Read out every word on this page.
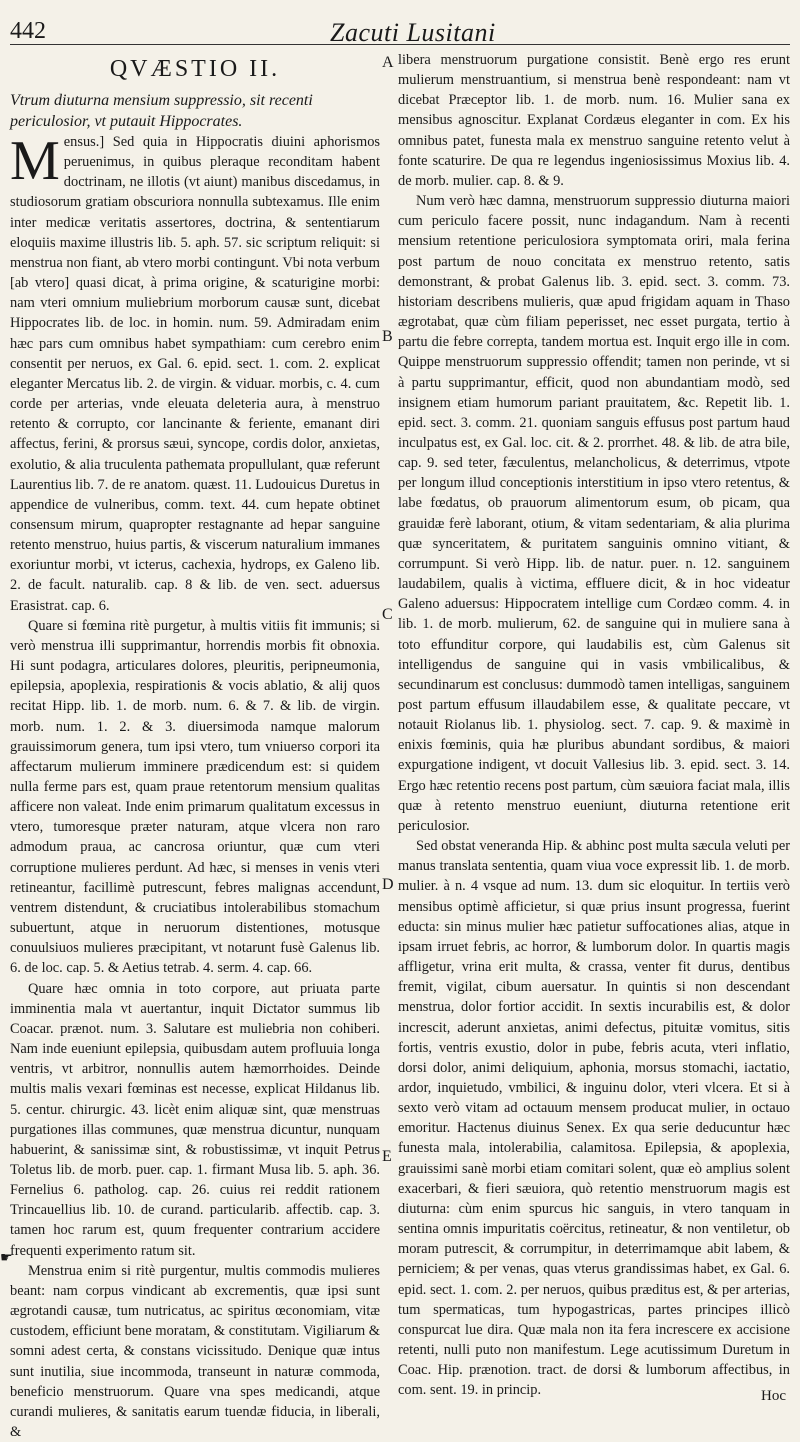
442	Zacuti Lusitani
QVÆSTIO II.

Vtrum diuturna mensium suppressio, sit recenti periculosior, vt putauit Hippocrates.

Mensus.] Sed quia in Hippocratis diuini aphorismos peruenimus, in quibus pleraque reconditam habent doctrinam, ne illotis (vt aiunt) manibus discedamus, in studiosorum gratiam obscuriora nonnulla subtexamus. Ille enim inter medicæ veritatis assertores, doctrina, & sententiarum eloquiis maxime illustris lib. 5. aph. 57. sic scriptum reliquit: si menstrua non fiant, ab vtero morbi contingunt. Vbi nota verbum [ab vtero] quasi dicat, à prima origine, & scaturigine morbi: nam vteri omnium muliebrium morborum causæ sunt, dicebat Hippocrates lib. de loc. in homin. num. 59. Admiradam enim hæc pars cum omnibus habet sympathiam: cum cerebro enim consentit per neruos, ex Gal. 6. epid. sect. 1. com. 2. explicat eleganter Mercatus lib. 2. de virgin. & viduar. morbis, c. 4. cum corde per arterias, vnde eleuata deleteria aura, à menstruo retento & corrupto, cor lancinante & feriente, emanant diri affectus, ferini, & prorsus sæui, syncope, cordis dolor, anxietas, exolutio, & alia truculenta pathemata propullulant, quæ referunt Laurentius lib. 7. de re anatom. quæst. 11. Ludouicus Duretus in appendice de vulneribus, comm. text. 44. cum hepate obtinet consensum mirum, quapropter restagnante ad hepar sanguine retento menstruo, huius partis, & viscerum naturalium immanes exoriuntur morbi, vt icterus, cachexia, hydrops, ex Galeno lib. 2. de facult. naturalib. cap. 8 & lib. de ven. sect. aduersus Erasistrat. cap. 6.

Quare si fœmina ritè purgetur, à multis vitiis fit immunis; si verò menstrua illi supprimantur, horrendis morbis fit obnoxia. Hi sunt podagra, articulares dolores, pleuritis, peripneumonia, epilepsia, apoplexia, respirationis & vocis ablatio, & alij quos recitat Hipp. lib. 1. de morb. num. 6. & 7. & lib. de virgin. morb. num. 1. 2. & 3. diuersimoda namque malorum grauissimorum genera, tum ipsi vtero, tum vniuerso corpori ita affectarum mulierum imminere prædicendum est: si quidem nulla ferme pars est, quam praue retentorum mensium qualitas afficere non valeat. Inde enim primarum qualitatum excessus in vtero, tumoresque præter naturam, atque vlcera non raro admodum praua, ac cancrosa oriuntur, quæ cum vteri corruptione mulieres perdunt. Ad hæc, si menses in venis vteri retineantur, facillimè putrescunt, febres malignas accendunt, ventrem distendunt, & cruciatibus intolerabilibus stomachum subuertunt, atque in neruorum distentiones, motusque conuulsiuos mulieres præcipitant, vt notarunt fusè Galenus lib. 6. de loc. cap. 5. & Aetius tetrab. 4. serm. 4. cap. 66.

Quare hæc omnia in toto corpore, aut priuata parte imminentia mala vt auertantur, inquit Dictator summus lib Coacar. prænot. num. 3. Salutare est muliebria non cohiberi. Nam inde eueniunt epilepsia, quibusdam autem profluuia longa ventris, vt arbitror, nonnullis autem hæmorrhoides. Deinde multis malis vexari fœminas est necesse, explicat Hildanus lib. 5. centur. chirurgic. 43. licèt enim aliquæ sint, quæ menstruas purgationes illas communes, quæ menstrua dicuntur, nunquam habuerint, & sanissimæ sint, & robustissimæ, vt inquit Petrus Toletus lib. de morb. puer. cap. 1. firmant Musa lib. 5. aph. 36. Fernelius 6. patholog. cap. 26. cuius rei reddit rationem Trincauellius lib. 10. de curand. particularib. affectib. cap. 3. tamen hoc rarum est, quum frequenter contrarium accidere frequenti experimento ratum sit.

Menstrua enim si ritè purgentur, multis commodis mulieres beant: nam corpus vindicant ab excrementis, quæ ipsi sunt ægrotandi causæ, tum nutricatus, ac spiritus œconomiam, vitæ custodem, efficiunt bene moratam, & constitutam. Vigiliarum & somni adest certa, & constans vicissitudo. Denique quæ intus sunt inutilia, siue incommoda, transeunt in naturæ commoda, beneficio menstruorum. Quare vna spes medicandi, atque curandi mulieres, & sanitatis earum tuendæ fiducia, in liberali, &

☛
A
B
C
D
E

libera menstruorum purgatione consistit. Benè ergo res erunt mulierum menstruantium, si menstrua benè respondeant: nam vt dicebat Præceptor lib. 1. de morb. num. 16. Mulier sana ex mensibus agnoscitur. Explanat Cordæus eleganter in com. Ex his omnibus patet, funesta mala ex menstruo sanguine retento velut à fonte scaturire. De qua re legendus ingeniosissimus Moxius lib. 4. de morb. mulier. cap. 8. & 9.

Num verò hæc damna, menstruorum suppressio diuturna maiori cum periculo facere possit, nunc indagandum. Nam à recenti mensium retentione periculosiora symptomata oriri, mala ferina post partum de nouo concitata ex menstruo retento, satis demonstrant, & probat Galenus lib. 3. epid. sect. 3. comm. 73. historiam describens mulieris, quæ apud frigidam aquam in Thaso ægrotabat, quæ cùm filiam peperisset, nec esset purgata, tertio à partu die febre correpta, tandem mortua est. Inquit ergo ille in com. Quippe menstruorum suppressio offendit; tamen non perinde, vt si à partu supprimantur, efficit, quod non abundantiam modò, sed insignem etiam humorum pariant prauitatem, &c. Repetit lib. 1. epid. sect. 3. comm. 21. quoniam sanguis effusus post partum haud inculpatus est, ex Gal. loc. cit. & 2. prorrhet. 48. & lib. de atra bile, cap. 9. sed teter, fæculentus, melancholicus, & deterrimus, vtpote per longum illud conceptionis interstitium in ipso vtero retentus, & labe fœdatus, ob prauorum alimentorum esum, ob picam, qua grauidæ ferè laborant, otium, & vitam sedentariam, & alia plurima quæ synceritatem, & puritatem sanguinis omnino vitiant, & corrumpunt. Si verò Hipp. lib. de natur. puer. n. 12. sanguinem laudabilem, qualis à victima, effluere dicit, & in hoc videatur Galeno aduersus: Hippocratem intellige cum Cordæo comm. 4. in lib. 1. de morb. mulierum, 62. de sanguine qui in muliere sana à toto effunditur corpore, qui laudabilis est, cùm Galenus sit intelligendus de sanguine qui in vasis vmbilicalibus, & secundinarum est conclusus: dummodò tamen intelligas, sanguinem post partum effusum illaudabilem esse, & qualitate peccare, vt notauit Riolanus lib. 1. physiolog. sect. 7. cap. 9. & maximè in enixis fœminis, quia hæ pluribus abundant sordibus, & maiori expurgatione indigent, vt docuit Vallesius lib. 3. epid. sect. 3. 14. Ergo hæc retentio recens post partum, cùm sæuiora faciat mala, illis quæ à retento menstruo eueniunt, diuturna retentione erit periculosior.

Sed obstat veneranda Hip. & abhinc post multa sæcula veluti per manus translata sententia, quam viua voce expressit lib. 1. de morb. mulier. à n. 4 vsque ad num. 13. dum sic eloquitur. In tertiis verò mensibus optimè afficietur, si quæ prius insunt progressa, fuerint educta: sin minus mulier hæc patietur suffocationes alias, atque in ipsam irruet febris, ac horror, & lumborum dolor. In quartis magis affligetur, vrina erit multa, & crassa, venter fit durus, dentibus fremit, vigilat, cibum auersatur. In quintis si non descendant menstrua, dolor fortior accidit. In sextis incurabilis est, & dolor increscit, aderunt anxietas, animi defectus, pituitæ vomitus, sitis fortis, ventris exustio, dolor in pube, febris acuta, vteri inflatio, dorsi dolor, animi deliquium, aphonia, morsus stomachi, iactatio, ardor, inquietudo, vmbilici, & inguinu dolor, vteri vlcera. Et si à sexto verò vitam ad octauum mensem producat mulier, in octauo emoritur. Hactenus diuinus Senex. Ex qua serie deducuntur hæc funesta mala, intolerabilia, calamitosa. Epilepsia, & apoplexia, grauissimi sanè morbi etiam comitari solent, quæ eò amplius solent exacerbari, & fieri sæuiora, quò retentio menstruorum magis est diuturna: cùm enim spurcus hic sanguis, in vtero tanquam in sentina omnis impuritatis coërcitus, retineatur, & non ventiletur, ob moram putrescit, & corrumpitur, in deterrimamque abit labem, & perniciem; & per venas, quas vterus grandissimas habet, ex Gal. 6. epid. sect. 1. com. 2. per neruos, quibus præditus est, & per arterias, tum spermaticas, tum hypogastricas, partes principes illicò conspurcat lue dira. Quæ mala non ita fera increscere ex accisione retenti, nulli puto non manifestum. Lege acutissimum Duretum in Coac. Hip. prænotion. tract. de dorsi & lumborum affectibus, in com. sent. 19. in princip.	Hoc
